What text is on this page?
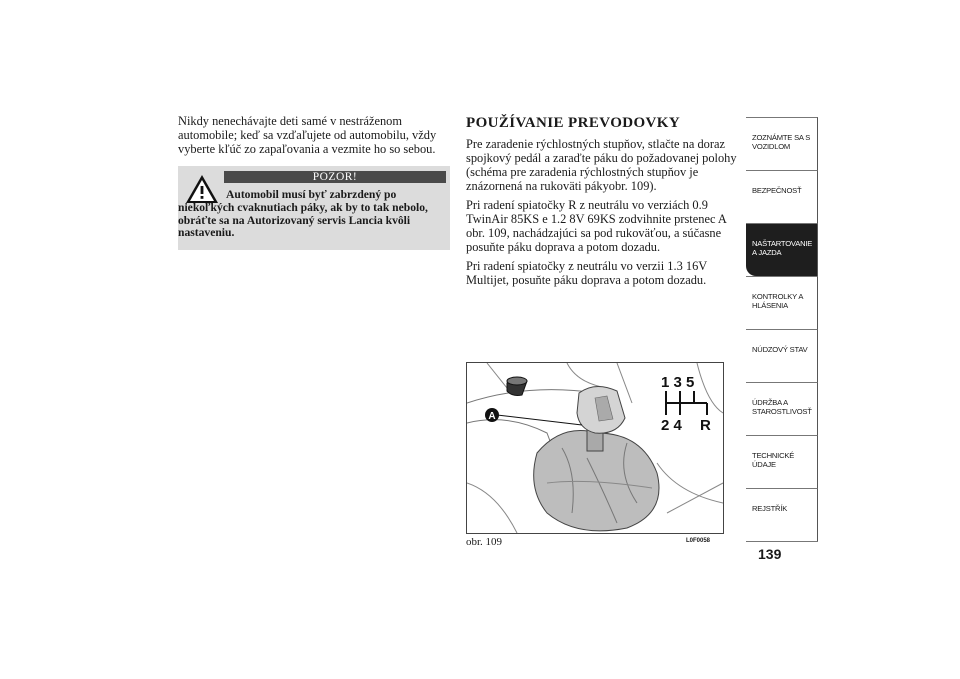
Nikdy nenechávajte deti samé v nestráženom automobile; keď sa vzďaľujete od automobilu, vždy vyberte kľúč zo zapaľovania a vezmite ho so sebou.

POZOR!
Automobil musí byť zabrzdený po
niekoľkých cvaknutiach páky, ak by to tak nebolo, obráťte sa na Autorizovaný servis Lancia kvôli nastaveniu.
POUŽÍVANIE PREVODOVKY

Pre zaradenie rýchlostných stupňov, stlačte na doraz spojkový pedál a zaraďte páku do požadovanej polohy (schéma pre zaradenia rýchlostných stupňov je znázornená na rukoväti pákyobr. 109).

Pri radení spiatočky R z neutrálu vo verziách 0.9 TwinAir 85KS e 1.2 8V 69KS zodvihnite prstenec A obr. 109, nachádzajúci sa pod rukoväťou, a súčasne posuňte páku doprava a potom dozadu.

Pri radení spiatočky z neutrálu vo verzii 1.3 16V Multijet, posuňte páku doprava a potom dozadu.

A
1 3 5
2 4 R
obr. 109	L0F0058
ZOZNÁMTE SA S VOZIDLOM
BEZPEČNOSŤ
NAŠTARTOVANIE A JAZDA
KONTROLKY A HLÁSENIA
NÚDZOVÝ STAV
ÚDRŽBA A STAROSTLIVOSŤ
TECHNICKÉ ÚDAJE
REJSTŘÍK
139
